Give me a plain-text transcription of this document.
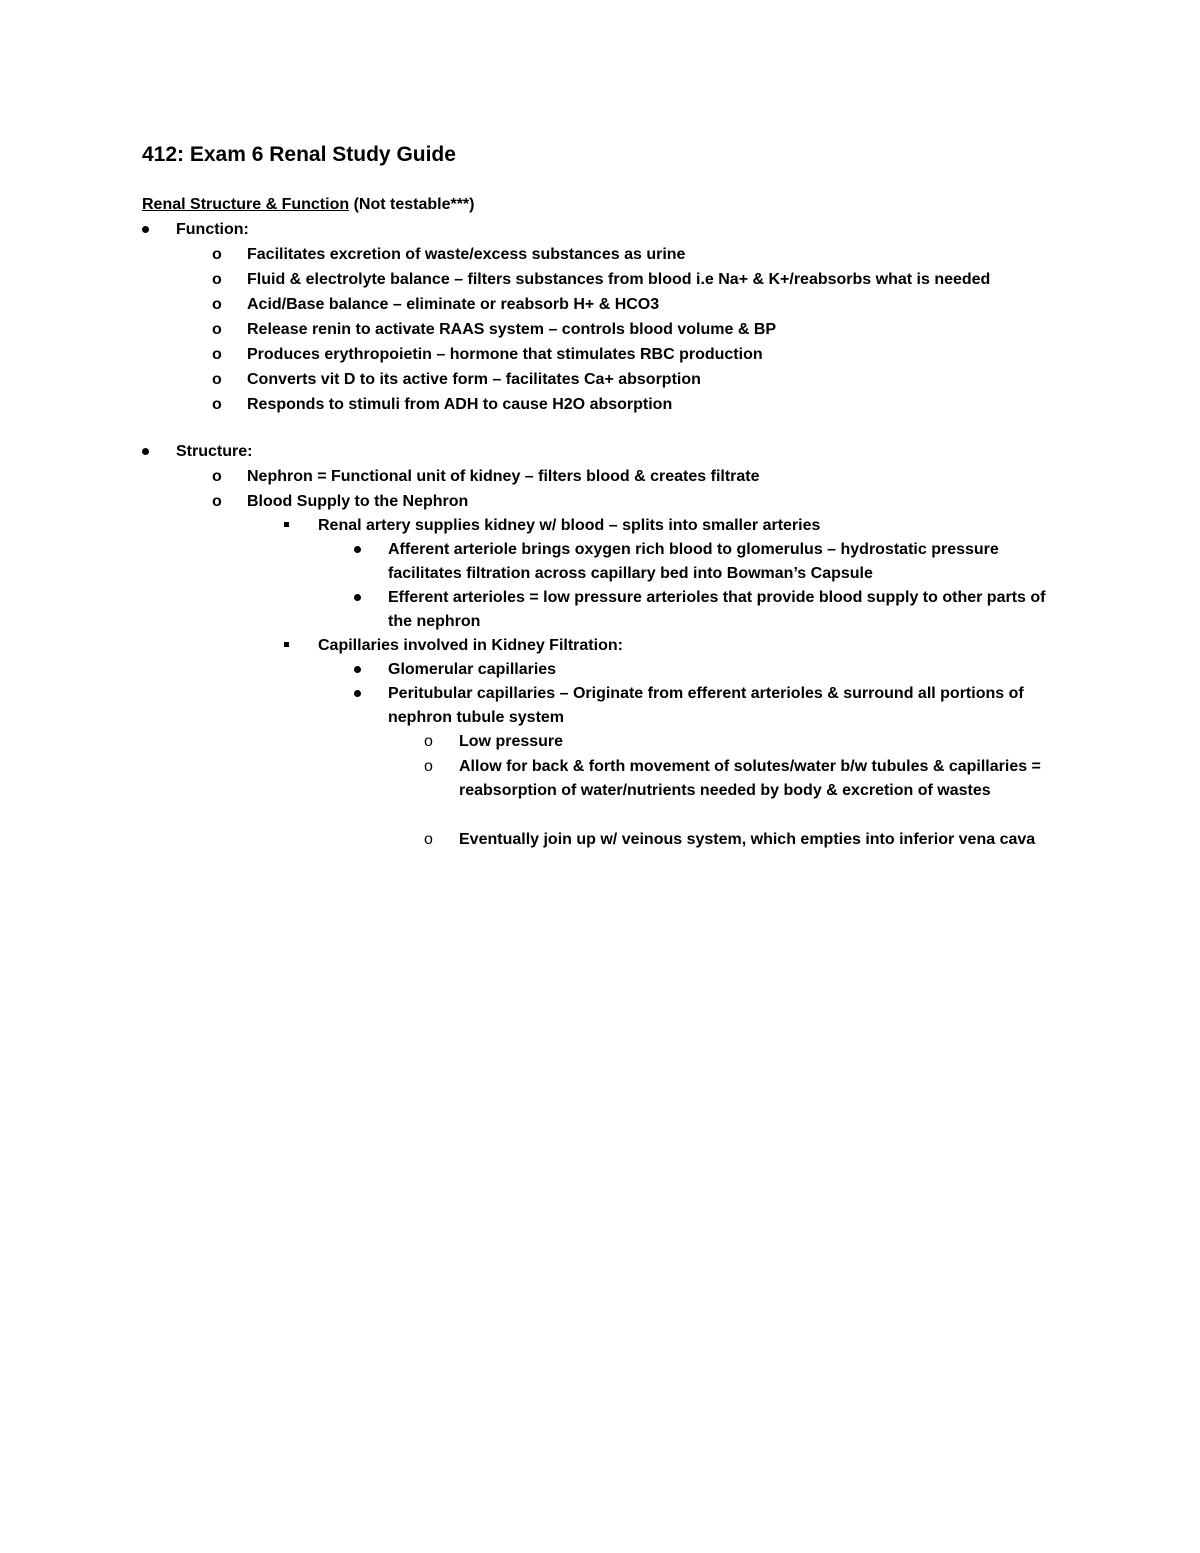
412: Exam 6 Renal Study Guide
Renal Structure & Function (Not testable***)
Function:
o Facilitates excretion of waste/excess substances as urine
o Fluid & electrolyte balance – filters substances from blood i.e Na+ & K+/reabsorbs what is needed
o Acid/Base balance – eliminate or reabsorb H+ & HCO3
o Release renin to activate RAAS system – controls blood volume & BP
o Produces erythropoietin – hormone that stimulates RBC production
o Converts vit D to its active form – facilitates Ca+ absorption
o Responds to stimuli from ADH to cause H2O absorption
Structure:
o Nephron = Functional unit of kidney – filters blood & creates filtrate
o Blood Supply to the Nephron
Renal artery supplies kidney w/ blood – splits into smaller arteries
Afferent arteriole brings oxygen rich blood to glomerulus – hydrostatic pressure facilitates filtration across capillary bed into Bowman’s Capsule
Efferent arterioles = low pressure arterioles that provide blood supply to other parts of the nephron
Capillaries involved in Kidney Filtration:
Glomerular capillaries
Peritubular capillaries – Originate from efferent arterioles & surround all portions of nephron tubule system
o Low pressure
o Allow for back & forth movement of solutes/water b/w tubules & capillaries = reabsorption of water/nutrients needed by body & excretion of wastes
o Eventually join up w/ veinous system, which empties into inferior vena cava
